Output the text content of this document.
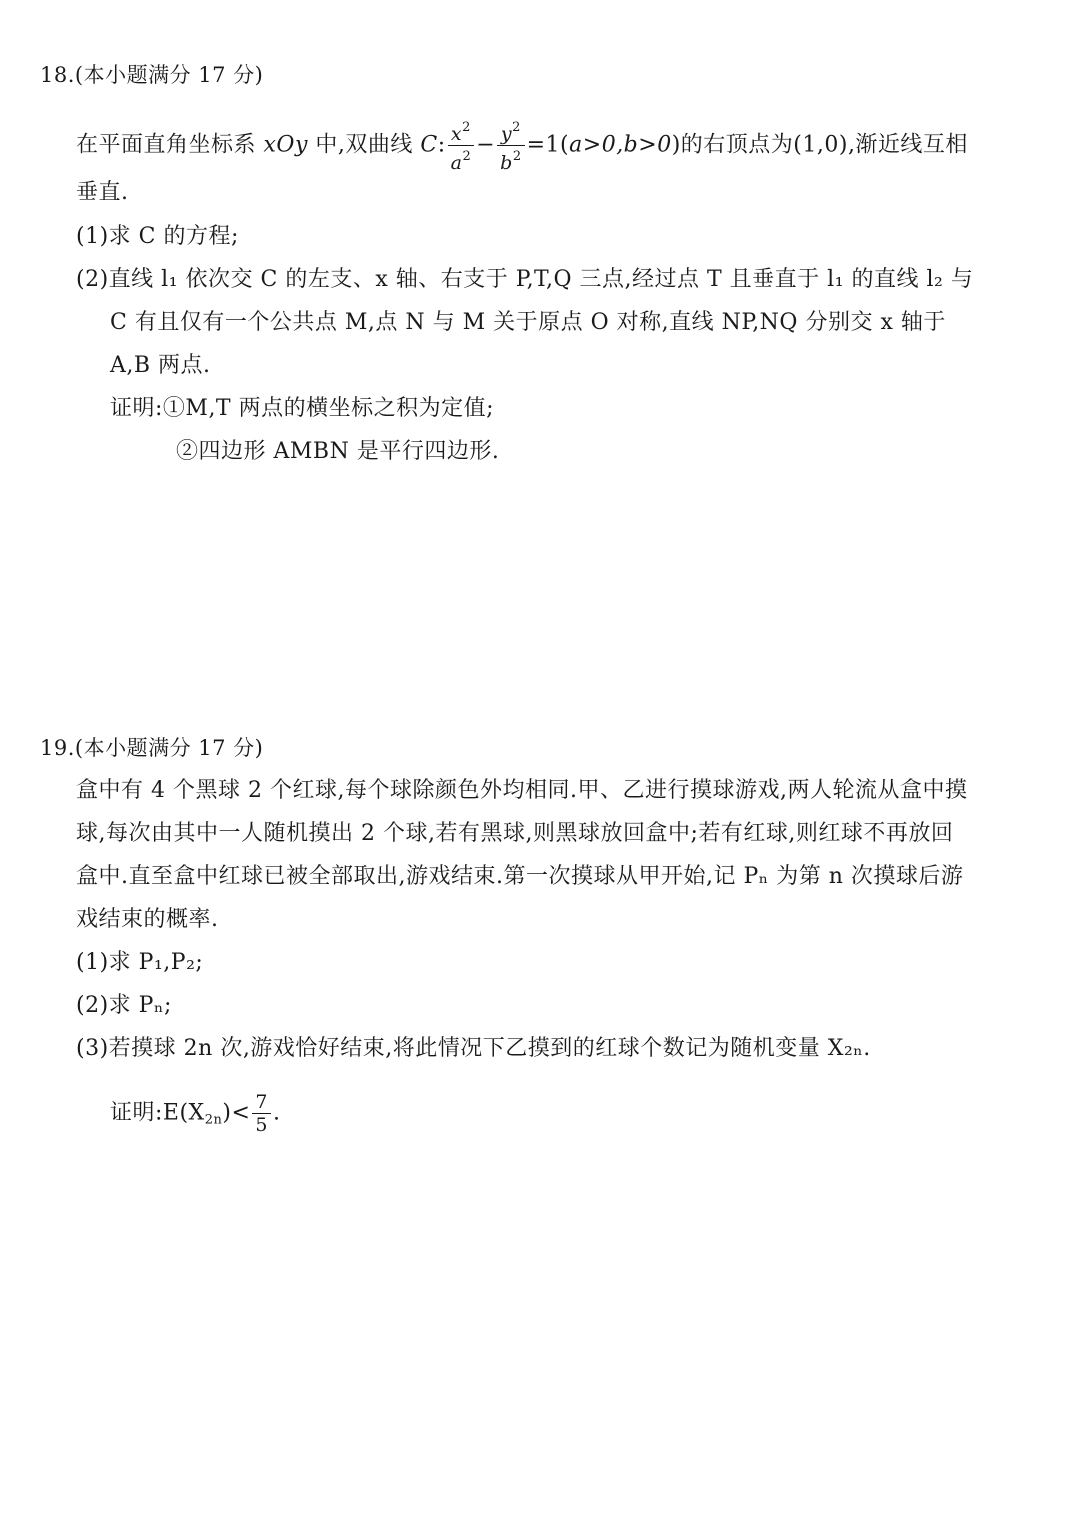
18.(本小题满分 17 分)
在平面直角坐标系 xOy 中,双曲线 C: $\frac{x^2}{a^2} - \frac{y^2}{b^2} =1(a>0,b>0)$的右顶点为(1,0),渐近线互相
垂直.
(1)求 C 的方程;
(2)直线 l₁ 依次交 C 的左支、x 轴、右支于 P,T,Q 三点,经过点 T 且垂直于 l₁ 的直线 l₂ 与
C 有且仅有一个公共点 M,点 N 与 M 关于原点 O 对称,直线 NP,NQ 分别交 x 轴于
A,B 两点.
证明:①M,T 两点的横坐标之积为定值;
②四边形 AMBN 是平行四边形.
19.(本小题满分 17 分)
盒中有 4 个黑球 2 个红球,每个球除颜色外均相同.甲、乙进行摸球游戏,两人轮流从盒中摸
球,每次由其中一人随机摸出 2 个球,若有黑球,则黑球放回盒中;若有红球,则红球不再放回
盒中.直至盒中红球已被全部取出,游戏结束.第一次摸球从甲开始,记 Pₙ 为第 n 次摸球后游
戏结束的概率.
(1)求 P₁,P₂;
(2)求 Pₙ;
(3)若摸球 2n 次,游戏恰好结束,将此情况下乙摸到的红球个数记为随机变量 X₂ₙ.
证明$:E(X_{2n})< \frac{7}{5}$ .
